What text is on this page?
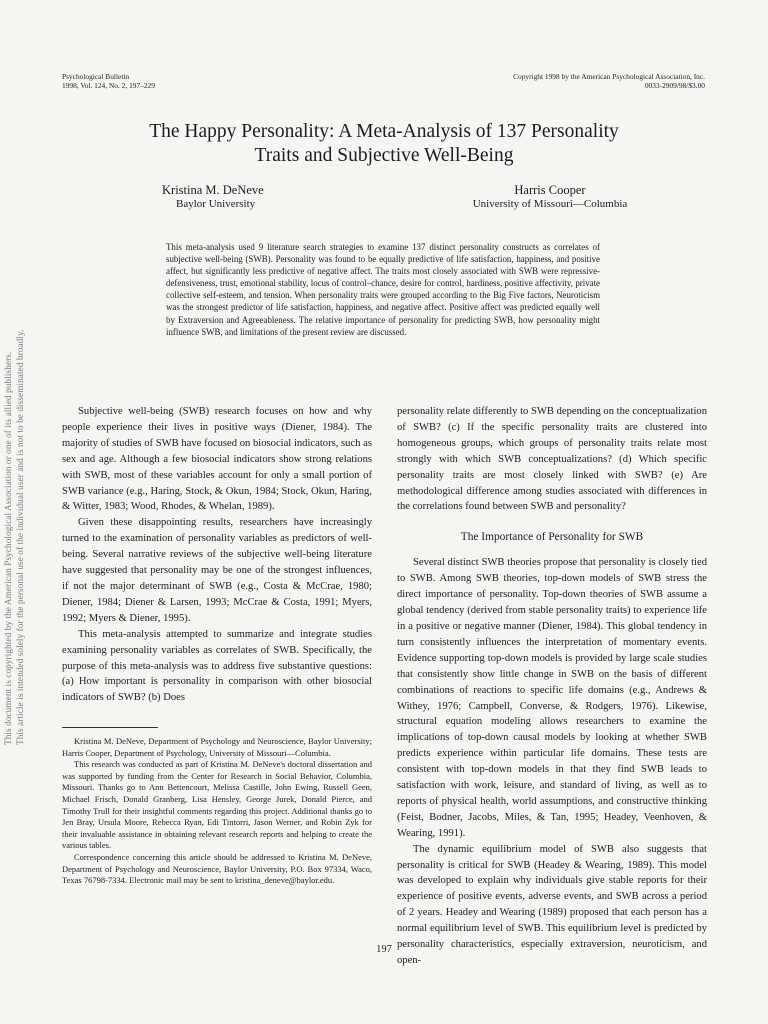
This document is copyrighted by the American Psychological Association or one of its allied publishers. This article is intended solely for the personal use of the individual user and is not to be disseminated broadly.
Psychological Bulletin
1998, Vol. 124, No. 2, 197–229
Copyright 1998 by the American Psychological Association, Inc.
0033-2909/98/$3.00
The Happy Personality: A Meta-Analysis of 137 Personality
Traits and Subjective Well-Being
Kristina M. DeNeve
Baylor University
Harris Cooper
University of Missouri—Columbia

This meta-analysis used 9 literature search strategies to examine 137 distinct personality constructs as correlates of subjective well-being (SWB). Personality was found to be equally predictive of life satisfaction, happiness, and positive affect, but significantly less predictive of negative affect. The traits most closely associated with SWB were repressive-defensiveness, trust, emotional stability, locus of control–chance, desire for control, hardiness, positive affectivity, private collective self-esteem, and tension. When personality traits were grouped according to the Big Five factors, Neuroticism was the strongest predictor of life satisfaction, happiness, and negative affect. Positive affect was predicted equally well by Extraversion and Agreeableness. The relative importance of personality for predicting SWB, how personality might influence SWB, and limitations of the present review are discussed.

Subjective well-being (SWB) research focuses on how and why people experience their lives in positive ways (Diener, 1984). The majority of studies of SWB have focused on biosocial indicators, such as sex and age. Although a few biosocial indicators show strong relations with SWB, most of these variables account for only a small portion of SWB variance (e.g., Haring, Stock, & Okun, 1984; Stock, Okun, Haring, & Witter, 1983; Wood, Rhodes, & Whelan, 1989).

Given these disappointing results, researchers have increasingly turned to the examination of personality variables as predictors of well-being. Several narrative reviews of the subjective well-being literature have suggested that personality may be one of the strongest influences, if not the major determinant of SWB (e.g., Costa & McCrae, 1980; Diener, 1984; Diener & Larsen, 1993; McCrae & Costa, 1991; Myers, 1992; Myers & Diener, 1995).

This meta-analysis attempted to summarize and integrate studies examining personality variables as correlates of SWB. Specifically, the purpose of this meta-analysis was to address five substantive questions: (a) How important is personality in comparison with other biosocial indicators of SWB? (b) Does

Kristina M. DeNeve, Department of Psychology and Neuroscience, Baylor University; Harris Cooper, Department of Psychology, University of Missouri—Columbia.

This research was conducted as part of Kristina M. DeNeve's doctoral dissertation and was supported by funding from the Center for Research in Social Behavior, Columbia, Missouri. Thanks go to Ann Bettencourt, Melissa Castille, John Ewing, Russell Geen, Michael Frisch, Donald Granberg, Lisa Hensley, George Jurek, Donald Pierce, and Timothy Trull for their insightful comments regarding this project. Additional thanks go to Jen Bray, Ursula Moore, Rebecca Ryan, Edi Tintorri, Jason Werner, and Robin Zyk for their invaluable assistance in obtaining relevant research reports and helping to create the various tables.

Correspondence concerning this article should be addressed to Kristina M. DeNeve, Department of Psychology and Neuroscience, Baylor University, P.O. Box 97334, Waco, Texas 76798-7334. Electronic mail may be sent to kristina_deneve@baylor.edu.

personality relate differently to SWB depending on the conceptualization of SWB? (c) If the specific personality traits are clustered into homogeneous groups, which groups of personality traits relate most strongly with which SWB conceptualizations? (d) Which specific personality traits are most closely linked with SWB? (e) Are methodological difference among studies associated with differences in the correlations found between SWB and personality?

The Importance of Personality for SWB

Several distinct SWB theories propose that personality is closely tied to SWB. Among SWB theories, top-down models of SWB stress the direct importance of personality. Top-down theories of SWB assume a global tendency (derived from stable personality traits) to experience life in a positive or negative manner (Diener, 1984). This global tendency in turn consistently influences the interpretation of momentary events. Evidence supporting top-down models is provided by large scale studies that consistently show little change in SWB on the basis of different combinations of reactions to specific life domains (e.g., Andrews & Withey, 1976; Campbell, Converse, & Rodgers, 1976). Likewise, structural equation modeling allows researchers to examine the implications of top-down causal models by looking at whether SWB predicts experience within particular life domains. These tests are consistent with top-down models in that they find SWB leads to satisfaction with work, leisure, and standard of living, as well as to reports of physical health, world assumptions, and constructive thinking (Feist, Bodner, Jacobs, Miles, & Tan, 1995; Headey, Veenhoven, & Wearing, 1991).

The dynamic equilibrium model of SWB also suggests that personality is critical for SWB (Headey & Wearing, 1989). This model was developed to explain why individuals give stable reports for their experience of positive events, adverse events, and SWB across a period of 2 years. Headey and Wearing (1989) proposed that each person has a normal equilibrium level of SWB. This equilibrium level is predicted by personality characteristics, especially extraversion, neuroticism, and open-

197
